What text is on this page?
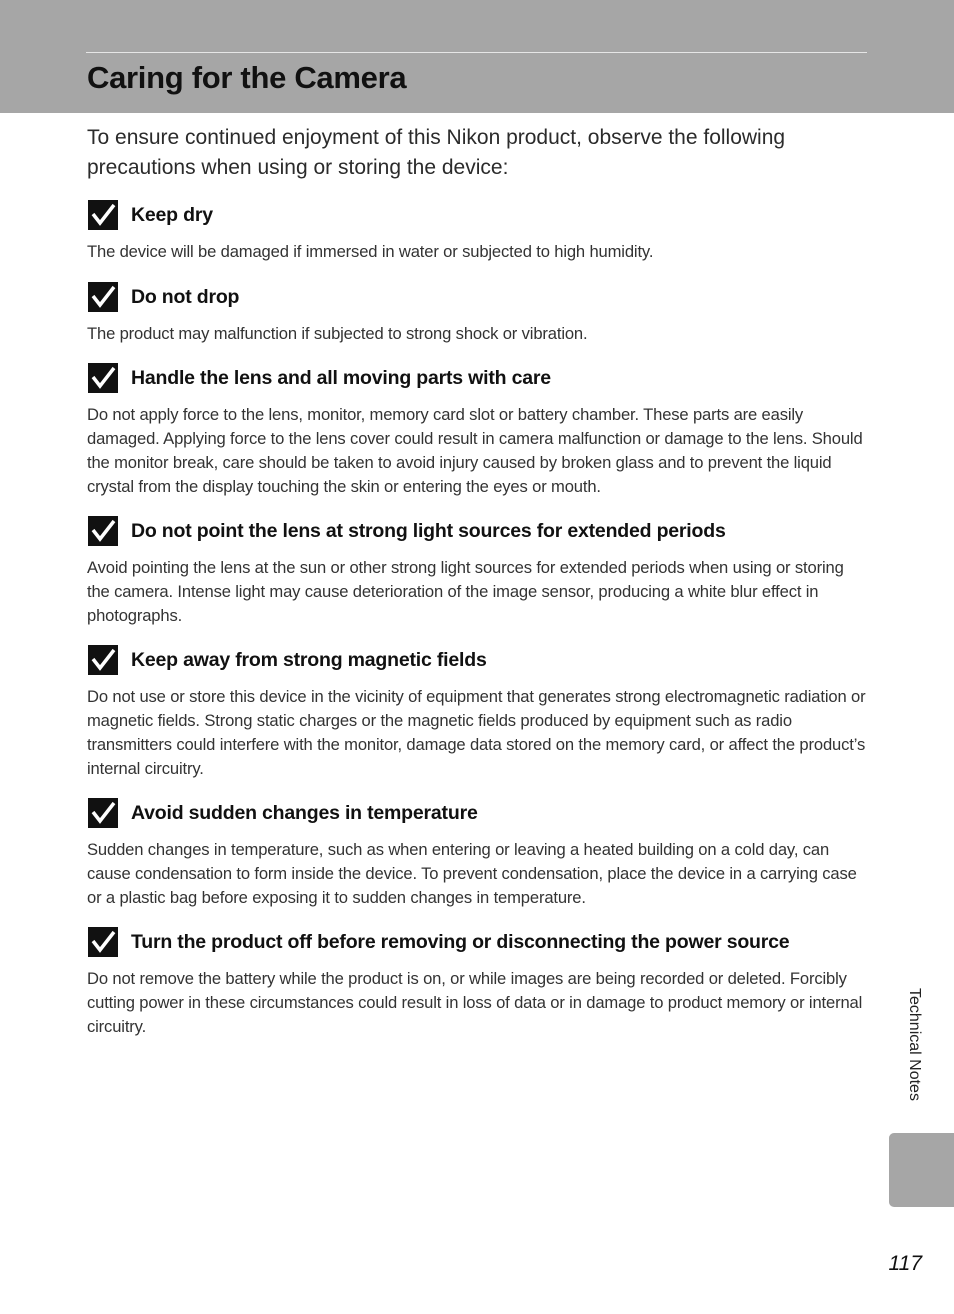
Caring for the Camera

To ensure continued enjoyment of this Nikon product, observe the following precautions when using or storing the device:

Keep dry

The device will be damaged if immersed in water or subjected to high humidity.

Do not drop

The product may malfunction if subjected to strong shock or vibration.

Handle the lens and all moving parts with care

Do not apply force to the lens, monitor, memory card slot or battery chamber. These parts are easily damaged. Applying force to the lens cover could result in camera malfunction or damage to the lens. Should the monitor break, care should be taken to avoid injury caused by broken glass and to prevent the liquid crystal from the display touching the skin or entering the eyes or mouth.

Do not point the lens at strong light sources for extended periods

Avoid pointing the lens at the sun or other strong light sources for extended periods when using or storing the camera. Intense light may cause deterioration of the image sensor, producing a white blur effect in photographs.

Keep away from strong magnetic fields

Do not use or store this device in the vicinity of equipment that generates strong electromagnetic radiation or magnetic fields. Strong static charges or the magnetic fields produced by equipment such as radio transmitters could interfere with the monitor, damage data stored on the memory card, or affect the product’s internal circuitry.

Avoid sudden changes in temperature

Sudden changes in temperature, such as when entering or leaving a heated building on a cold day, can cause condensation to form inside the device. To prevent condensation, place the device in a carrying case or a plastic bag before exposing it to sudden changes in temperature.

Turn the product off before removing or disconnecting the power source

Do not remove the battery while the product is on, or while images are being recorded or deleted. Forcibly cutting power in these circumstances could result in loss of data or in damage to product memory or internal circuitry.	Technical Notes
117
